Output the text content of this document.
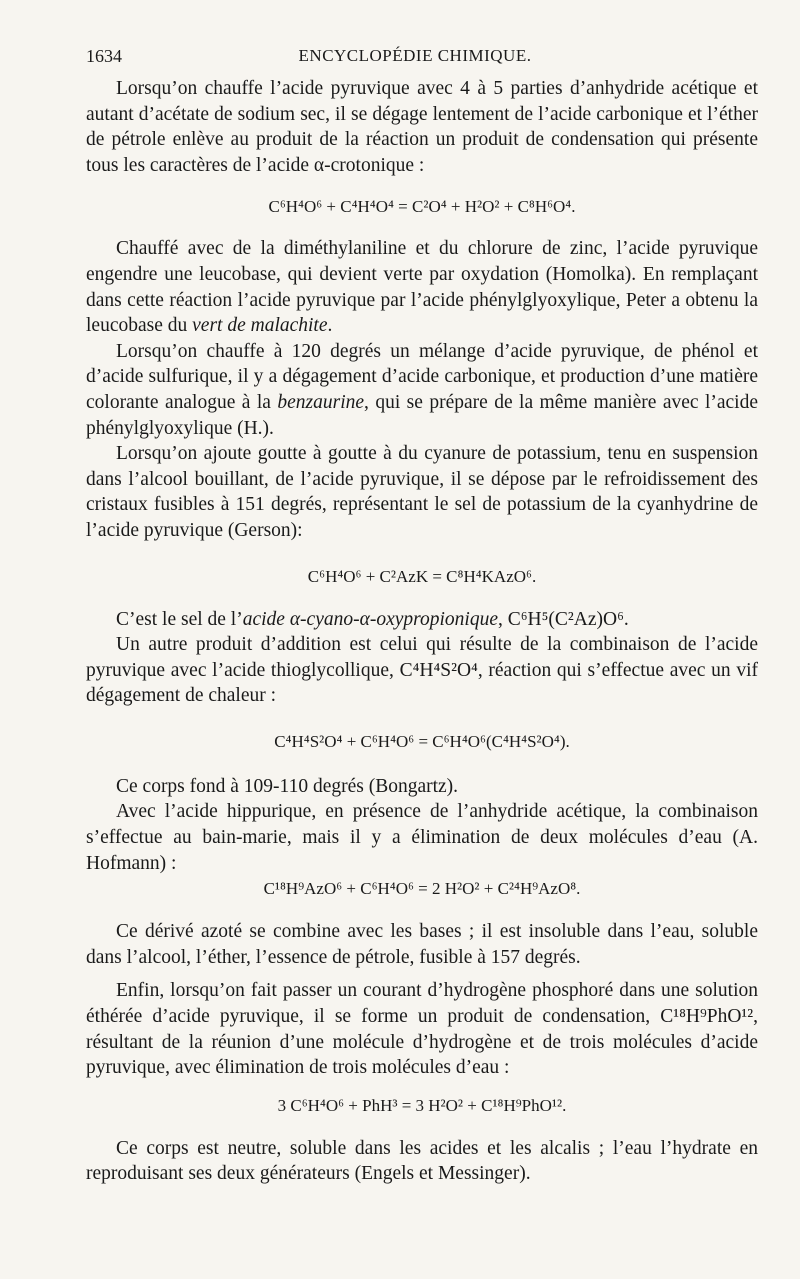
1634	ENCYCLOPÉDIE CHIMIQUE.

Lorsqu’on chauffe l’acide pyruvique avec 4 à 5 parties d’anhydride acétique et autant d’acétate de sodium sec, il se dégage lentement de l’acide carbonique et l’éther de pétrole enlève au produit de la réaction un produit de condensation qui présente tous les caractères de l’acide α-crotonique :

C⁶H⁴O⁶ + C⁴H⁴O⁴ = C²O⁴ + H²O² + C⁸H⁶O⁴.

Chauffé avec de la diméthylaniline et du chlorure de zinc, l’acide pyruvique engendre une leucobase, qui devient verte par oxydation (Homolka). En remplaçant dans cette réaction l’acide pyruvique par l’acide phénylglyoxylique, Peter a obtenu la leucobase du vert de malachite.

Lorsqu’on chauffe à 120 degrés un mélange d’acide pyruvique, de phénol et d’acide sulfurique, il y a dégagement d’acide carbonique, et production d’une matière colorante analogue à la benzaurine, qui se prépare de la même manière avec l’acide phénylglyoxylique (H.).

Lorsqu’on ajoute goutte à goutte à du cyanure de potassium, tenu en suspension dans l’alcool bouillant, de l’acide pyruvique, il se dépose par le refroidissement des cristaux fusibles à 151 degrés, représentant le sel de potassium de la cyanhydrine de l’acide pyruvique (Gerson):

C⁶H⁴O⁶ + C²AzK = C⁸H⁴KAzO⁶.

C’est le sel de l’acide α-cyano-α-oxypropionique, C⁶H⁵(C²Az)O⁶.

Un autre produit d’addition est celui qui résulte de la combinaison de l’acide pyruvique avec l’acide thioglycollique, C⁴H⁴S²O⁴, réaction qui s’effectue avec un vif dégagement de chaleur :

C⁴H⁴S²O⁴ + C⁶H⁴O⁶ = C⁶H⁴O⁶(C⁴H⁴S²O⁴).

Ce corps fond à 109-110 degrés (Bongartz).

Avec l’acide hippurique, en présence de l’anhydride acétique, la combinaison s’effectue au bain-marie, mais il y a élimination de deux molécules d’eau (A. Hofmann) :

C¹⁸H⁹AzO⁶ + C⁶H⁴O⁶ = 2 H²O² + C²⁴H⁹AzO⁸.

Ce dérivé azoté se combine avec les bases ; il est insoluble dans l’eau, soluble dans l’alcool, l’éther, l’essence de pétrole, fusible à 157 degrés.

Enfin, lorsqu’on fait passer un courant d’hydrogène phosphoré dans une solution éthérée d’acide pyruvique, il se forme un produit de condensation, C¹⁸H⁹PhO¹², résultant de la réunion d’une molécule d’hydrogène et de trois molécules d’acide pyruvique, avec élimination de trois molécules d’eau :

3 C⁶H⁴O⁶ + PhH³ = 3 H²O² + C¹⁸H⁹PhO¹².

Ce corps est neutre, soluble dans les acides et les alcalis ; l’eau l’hydrate en reproduisant ses deux générateurs (Engels et Messinger).
